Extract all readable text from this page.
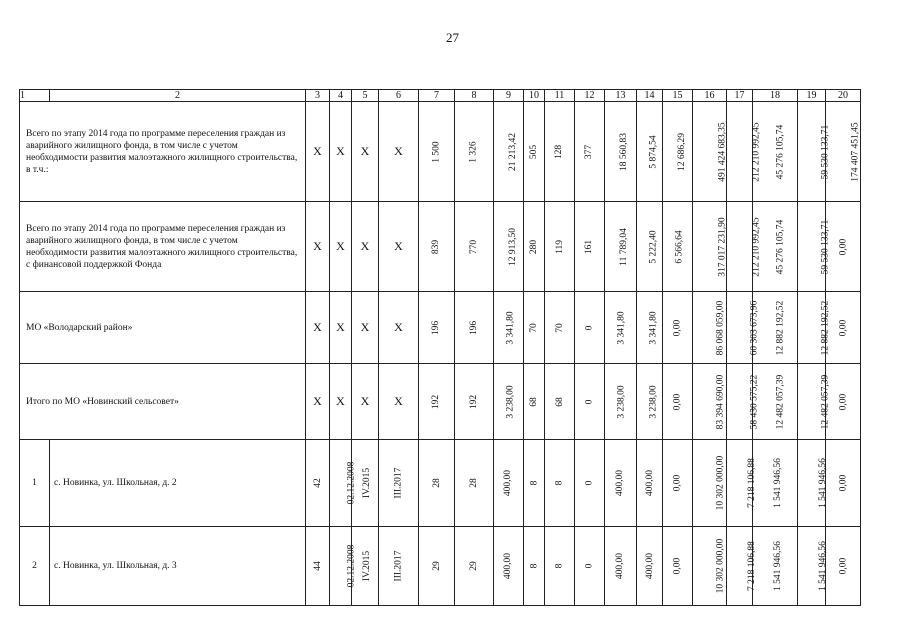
27
1	2	3	4	5	6	7	8	9	10	11	12	13	14	15	16	17	18	19	20
Всего по этапу 2014 года по программе переселения граждан из аварийного жилищного фонда, в том числе с учетом необходимости развития малоэтажного жилищного строительства, в т.ч.:		X	X	X	X	1 500	1 326	21 213,42	505	128	377	18 560,83	5 874,54	12 686,29	491 424 683,35	212 210 992,45	45 276 105,74	59 530 133,71	174 407 451,45
Всего по этапу 2014 года по программе переселения граждан из аварийного жилищного фонда, в том числе с учетом необходимости развития малоэтажного жилищного строительства, с финансовой поддержкой Фонда		X	X	X	X	839	770	12 913,50	280	119	161	11 789,04	5 222,40	6 566,64	317 017 231,90	212 210 992,45	45 276 105,74	59 530 133,71	0,00
МО «Володарский район»		X	X	X	X	196	196	3 341,80	70	70	0	3 341,80	3 341,80	0,00	86 068 059,00	60 303 673,96	12 882 192,52	12 882 192,52	0,00
Итого по МО «Новинский сельсовет»		X	X	X	X	192	192	3 238,00	68	68	0	3 238,00	3 238,00	0,00	83 394 690,00	58 430 575,22	12 482 057,39	12 482 057,39	0,00
1	с. Новинка, ул. Школьная, д. 2	42	02.12.2008	IV.2015	III.2017	28	28	400,00	8	8	0	400,00	400,00	0,00	10 302 000,00	7 218 106,88	1 541 946,56	1 541 946,56	0,00
2	с. Новинка, ул. Школьная, д. 3	44	02.12.2008	IV.2015	III.2017	29	29	400,00	8	8	0	400,00	400,00	0,00	10 302 000,00	7 218 106,88	1 541 946,56	1 541 946,56	0,00
